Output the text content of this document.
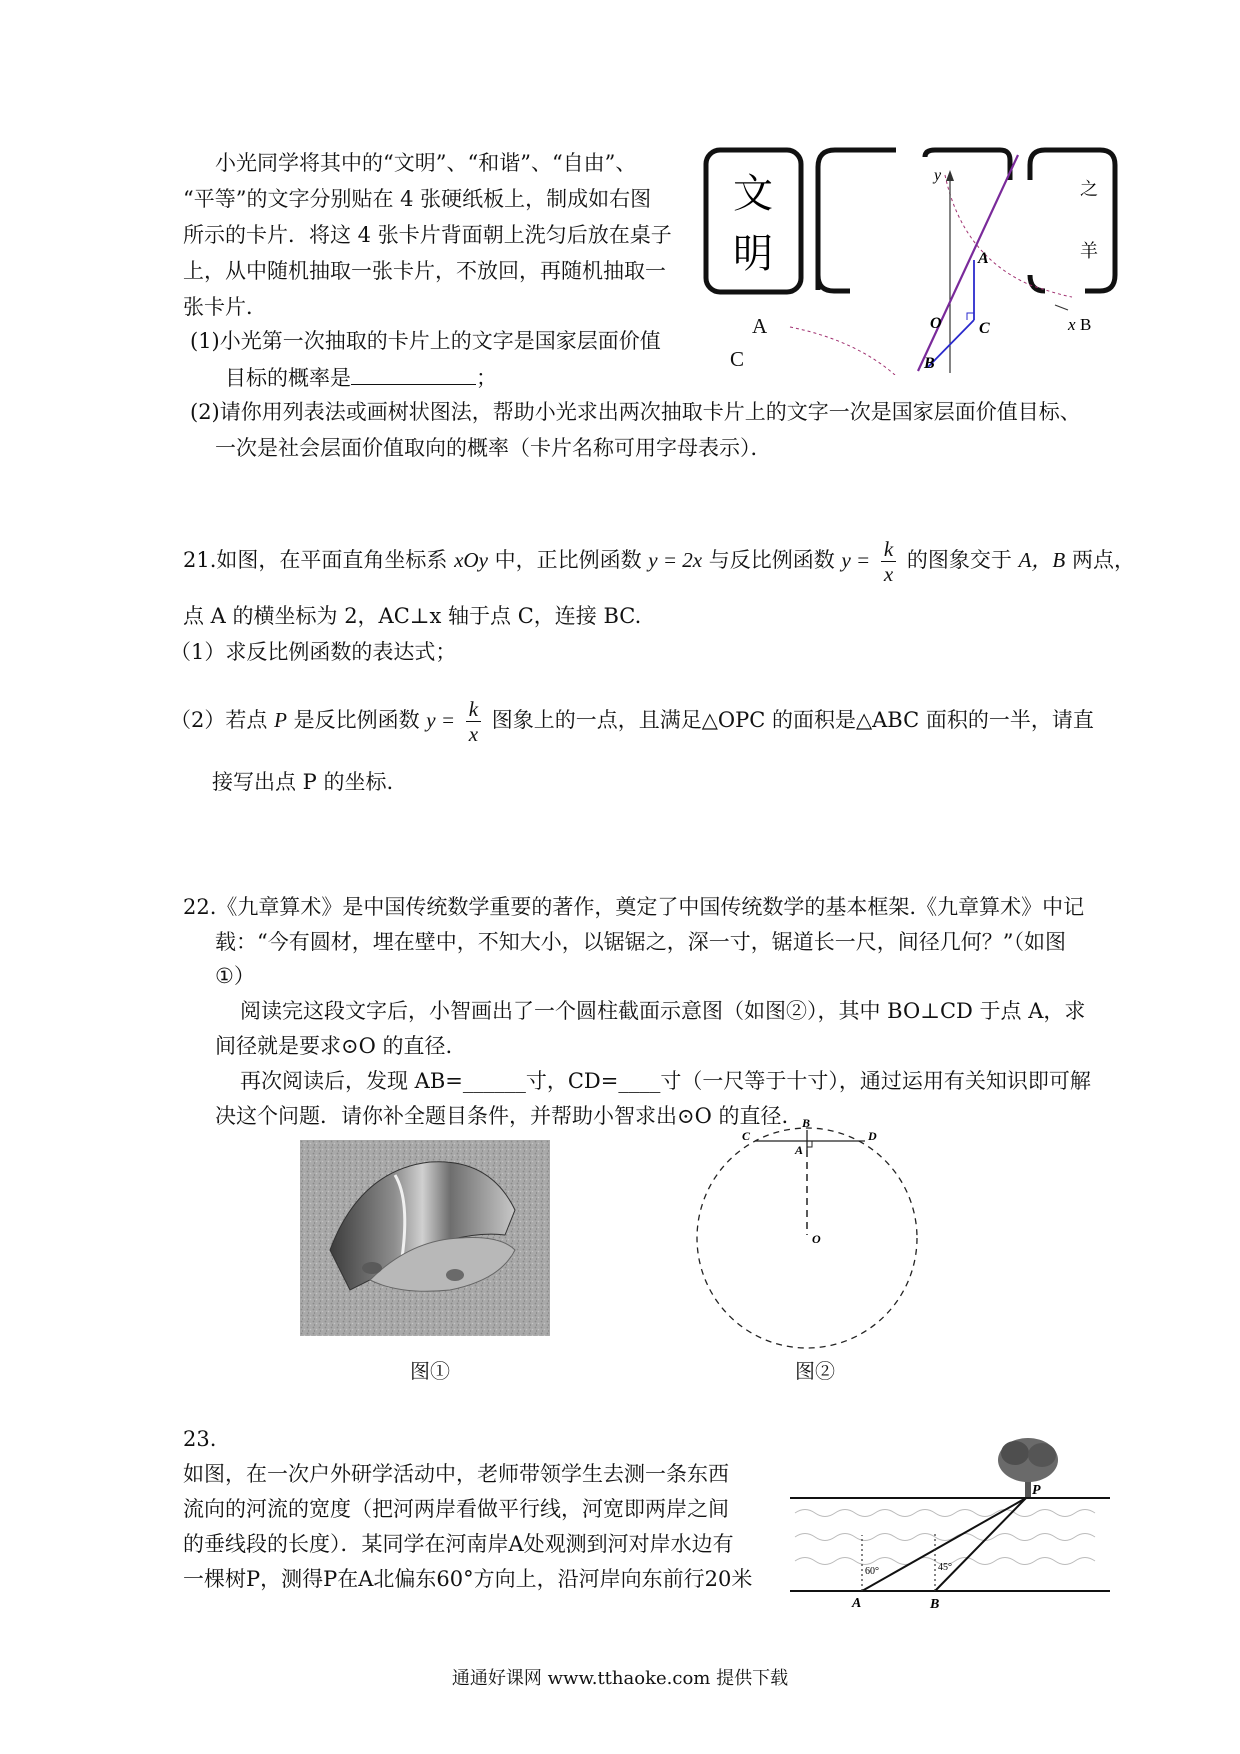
小光同学将其中的“文明”、“和谐”、“自由”、
“平等”的文字分别贴在 4 张硬纸板上，制成如右图
所示的卡片．将这 4 张卡片背面朝上洗匀后放在桌子
上，从中随机抽取一张卡片，不放回，再随机抽取一
张卡片．
(1)小光第一次抽取的卡片上的文字是国家层面价值
目标的概率是	；
(2)请你用列表法或画树状图法，帮助小光求出两次抽取卡片上的文字一次是国家层面价值目标、
一次是社会层面价值取向的概率（卡片名称可用字母表示）．
A
C
文
明
之
羊
y
A
O C
B
x B
21.如图，在平面直角坐标系 xOy 中，正比例函数 y = 2x 与反比例函数 $y = \frac{k}{x}$ 的图象交于 A，B 两点，
点 A 的横坐标为 2，AC⊥x 轴于点 C，连接 BC.
（1）求反比例函数的表达式；
（2）若点 P 是反比例函数 $y = \frac{k}{x}$ 图象上的一点，且满足△OPC 的面积是△ABC 面积的一半，请直
接写出点 P 的坐标.
22.《九章算术》是中国传统数学重要的著作，奠定了中国传统数学的基本框架.《九章算术》中记
载：“今有圆材，埋在壁中，不知大小，以锯锯之，深一寸，锯道长一尺，间径几何？”（如图
①）
阅读完这段文字后，小智画出了一个圆柱截面示意图（如图②），其中 BO⊥CD 于点 A，求
间径就是要求⊙O 的直径.
再次阅读后，发现 AB=______寸，CD=____寸（一尺等于十寸），通过运用有关知识即可解
决这个问题．请你补全题目条件，并帮助小智求出⊙O 的直径.
图①
B
C	D
A
O
图②
23.
如图，在一次户外研学活动中，老师带领学生去测一条东西
流向的河流的宽度（把河两岸看做平行线，河宽即两岸之间
的垂线段的长度）．某同学在河南岸A处观测到河对岸水边有
一棵树P，测得P在A北偏东60°方向上，沿河岸向东前行20米
P
60°	45°
A	B
通通好课网 www.tthaoke.com 提供下载
